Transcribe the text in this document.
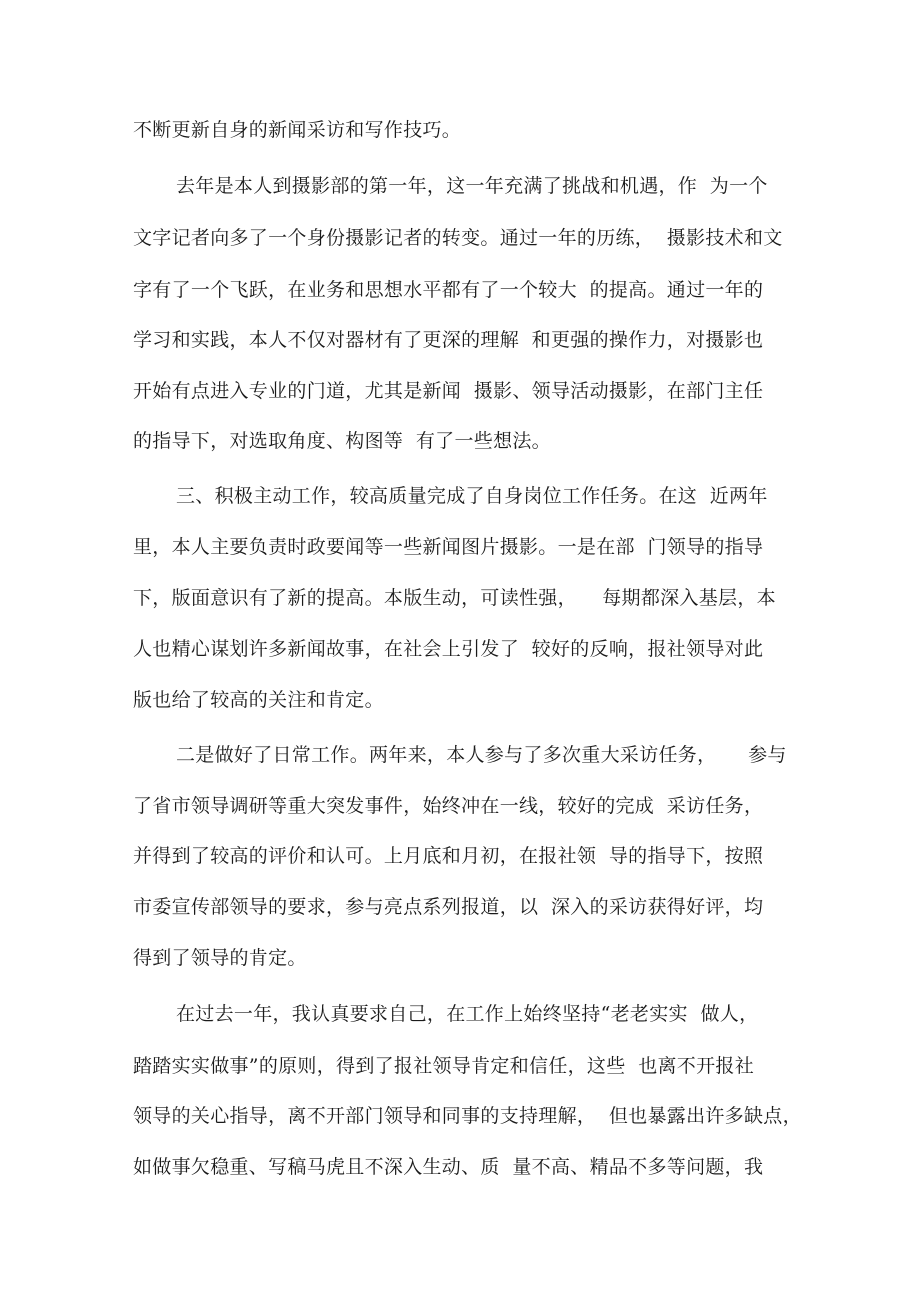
不断更新自身的新闻采访和写作技巧。
去年是本人到摄影部的第一年，这一年充满了挑战和机遇，作  为一个
文字记者向多了一个身份摄影记者的转变。通过一年的历练，  摄影技术和文
字有了一个飞跃，在业务和思想水平都有了一个较大  的提高。通过一年的
学习和实践，本人不仅对器材有了更深的理解  和更强的操作力，对摄影也
开始有点进入专业的门道，尤其是新闻  摄影、领导活动摄影，在部门主任
的指导下，对选取角度、构图等  有了一些想法。
三、积极主动工作，较高质量完成了自身岗位工作任务。在这  近两年
里，本人主要负责时政要闻等一些新闻图片摄影。一是在部  门领导的指导
下，版面意识有了新的提高。本版生动，可读性强，    每期都深入基层，本
人也精心谋划许多新闻故事，在社会上引发了  较好的反响，报社领导对此
版也给了较高的关注和肯定。
二是做好了日常工作。两年来，本人参与了多次重大采访任务，     参与
了省市领导调研等重大突发事件，始终冲在一线，较好的完成  采访任务，
并得到了较高的评价和认可。上月底和月初，在报社领  导的指导下，按照
市委宣传部领导的要求，参与亮点系列报道，以  深入的采访获得好评，均
得到了领导的肯定。
在过去一年，我认真要求自己，在工作上始终坚持“老老实实  做人，
踏踏实实做事”的原则，得到了报社领导肯定和信任，这些  也离不开报社
领导的关心指导，离不开部门领导和同事的支持理解，  但也暴露出许多缺点，
如做事欠稳重、写稿马虎且不深入生动、质  量不高、精品不多等问题，我
